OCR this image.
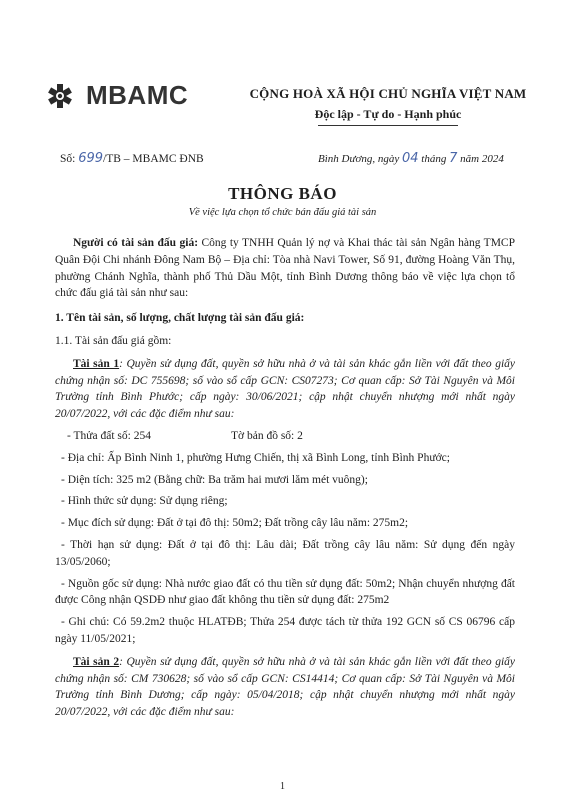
MBAMC	CỘNG HOÀ XÃ HỘI CHỦ NGHĨA VIỆT NAM
Độc lập - Tự do - Hạnh phúc
Số: 699/TB – MBAMC ĐNB	Bình Dương, ngày 04 tháng 7 năm 2024
THÔNG BÁO
Về việc lựa chọn tổ chức bán đấu giá tài sản

Người có tài sản đấu giá: Công ty TNHH Quản lý nợ và Khai thác tài sản Ngân hàng TMCP Quân Đội Chi nhánh Đông Nam Bộ – Địa chỉ: Tòa nhà Navi Tower, Số 91, đường Hoàng Văn Thụ, phường Chánh Nghĩa, thành phố Thủ Dầu Một, tỉnh Bình Dương thông báo về việc lựa chọn tổ chức đấu giá tài sản như sau:

1. Tên tài sản, số lượng, chất lượng tài sản đấu giá:

1.1. Tài sản đấu giá gồm:

Tài sản 1: Quyền sử dụng đất, quyền sở hữu nhà ở và tài sản khác gắn liền với đất theo giấy chứng nhận số: DC 755698; số vào sổ cấp GCN: CS07273; Cơ quan cấp: Sở Tài Nguyên và Môi Trường tỉnh Bình Phước; cấp ngày: 30/06/2021; cập nhật chuyển nhượng mới nhất ngày 20/07/2022, với các đặc điểm như sau:

- Thửa đất số: 254	Tờ bản đồ số: 2

- Địa chỉ: Ấp Bình Ninh 1, phường Hưng Chiến, thị xã Bình Long, tỉnh Bình Phước;

- Diện tích: 325 m2 (Bằng chữ: Ba trăm hai mươi lăm mét vuông);

- Hình thức sử dụng: Sử dụng riêng;

- Mục đích sử dụng: Đất ở tại đô thị: 50m2; Đất trồng cây lâu năm: 275m2;

- Thời hạn sử dụng: Đất ở tại đô thị: Lâu dài; Đất trồng cây lâu năm: Sử dụng đến ngày 13/05/2060;

- Nguồn gốc sử dụng: Nhà nước giao đất có thu tiền sử dụng đất: 50m2; Nhận chuyển nhượng đất được Công nhận QSDĐ như giao đất không thu tiền sử dụng đất: 275m2

- Ghi chú: Có 59.2m2 thuộc HLATĐB; Thửa 254 được tách từ thửa 192 GCN số CS 06796 cấp ngày 11/05/2021;

Tài sản 2: Quyền sử dụng đất, quyền sở hữu nhà ở và tài sản khác gắn liền với đất theo giấy chứng nhận số: CM 730628; số vào sổ cấp GCN: CS14414; Cơ quan cấp: Sở Tài Nguyên và Môi Trường tỉnh Bình Dương; cấp ngày: 05/04/2018; cập nhật chuyển nhượng mới nhất ngày 20/07/2022, với các đặc điểm như sau:

1
